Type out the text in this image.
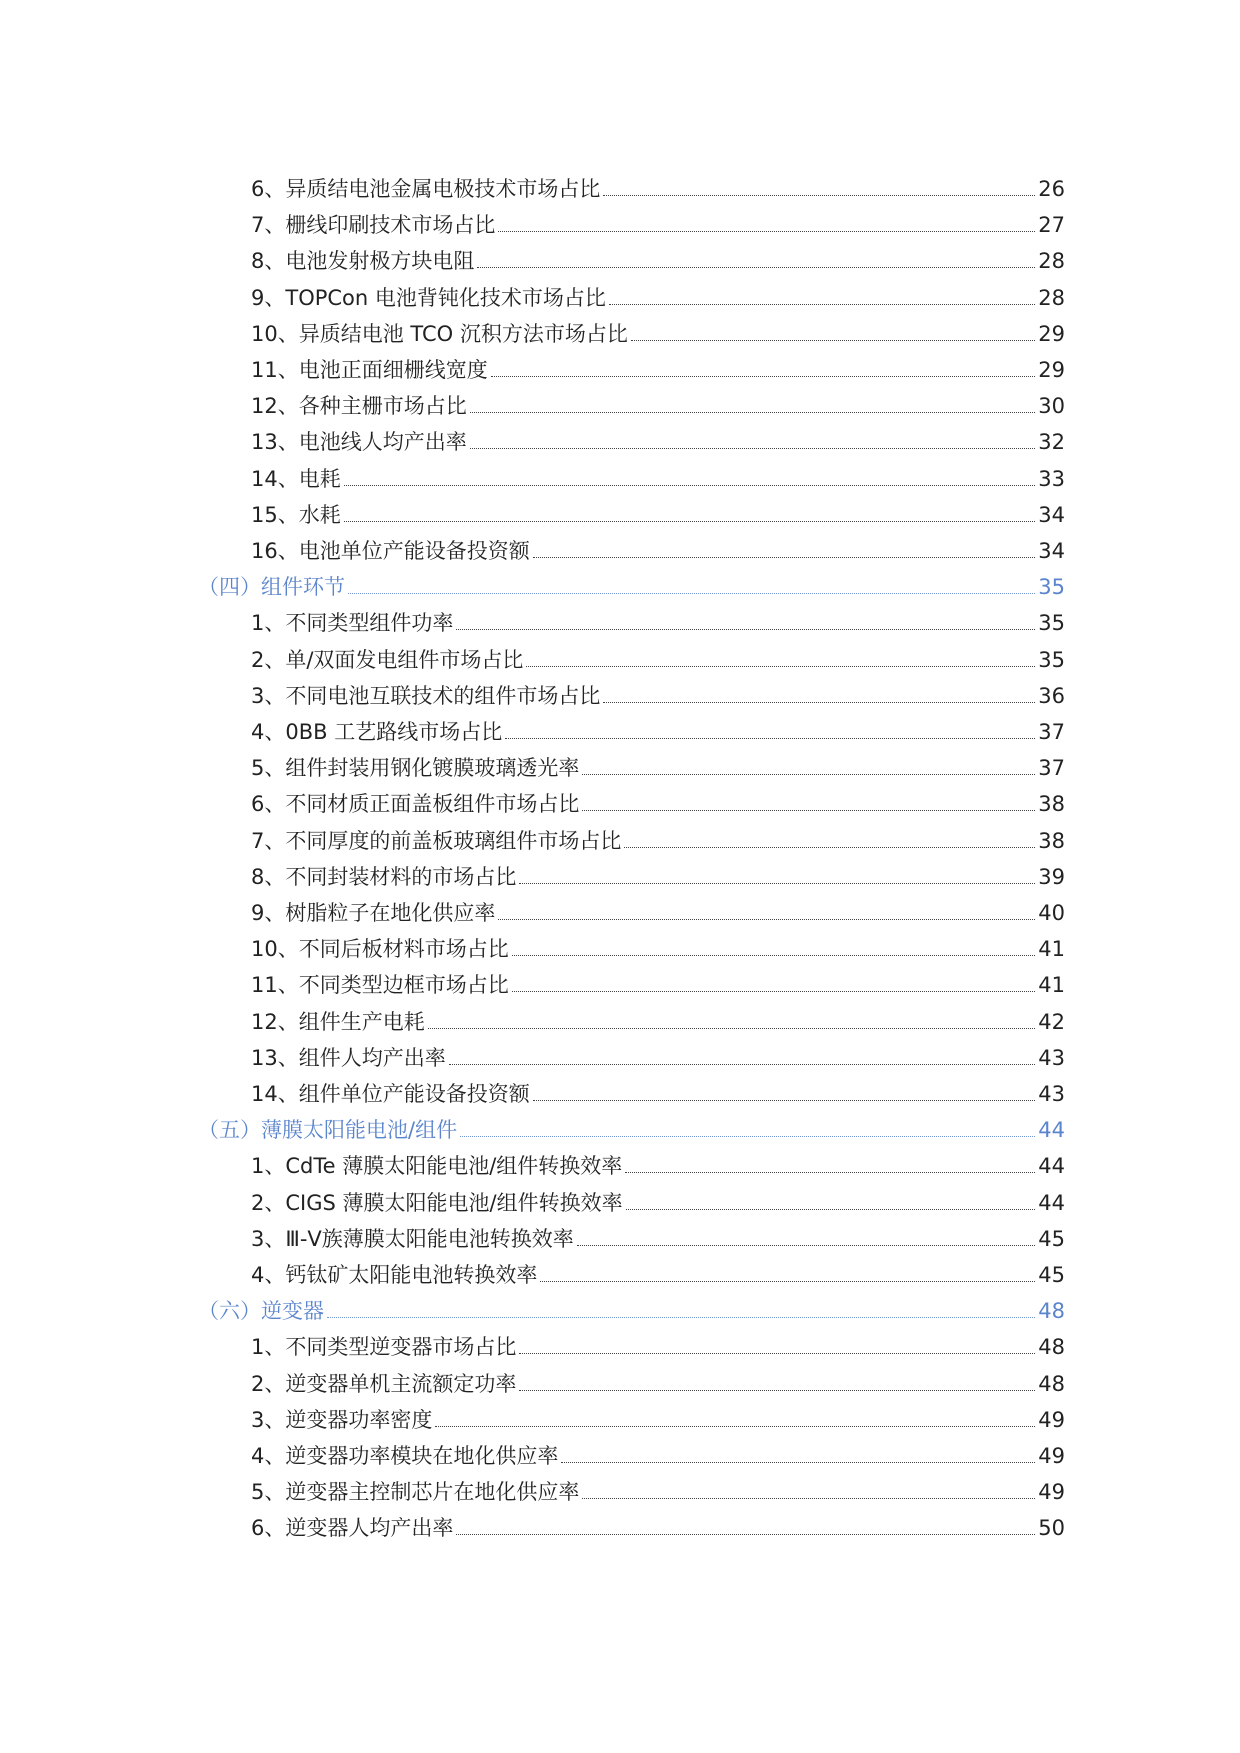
6、异质结电池金属电极技术市场占比	26
7、栅线印刷技术市场占比	27
8、电池发射极方块电阻	28
9、TOPCon 电池背钝化技术市场占比	28
10、异质结电池 TCO 沉积方法市场占比	29
11、电池正面细栅线宽度	29
12、各种主栅市场占比	30
13、电池线人均产出率	32
14、电耗	33
15、水耗	34
16、电池单位产能设备投资额	34
（四）组件环节	35
1、不同类型组件功率	35
2、单/双面发电组件市场占比	35
3、不同电池互联技术的组件市场占比	36
4、0BB 工艺路线市场占比	37
5、组件封装用钢化镀膜玻璃透光率	37
6、不同材质正面盖板组件市场占比	38
7、不同厚度的前盖板玻璃组件市场占比	38
8、不同封装材料的市场占比	39
9、树脂粒子在地化供应率	40
10、不同后板材料市场占比	41
11、不同类型边框市场占比	41
12、组件生产电耗	42
13、组件人均产出率	43
14、组件单位产能设备投资额	43
（五）薄膜太阳能电池/组件	44
1、CdTe 薄膜太阳能电池/组件转换效率	44
2、CIGS 薄膜太阳能电池/组件转换效率	44
3、Ⅲ-Ⅴ族薄膜太阳能电池转换效率	45
4、钙钛矿太阳能电池转换效率	45
（六）逆变器	48
1、不同类型逆变器市场占比	48
2、逆变器单机主流额定功率	48
3、逆变器功率密度	49
4、逆变器功率模块在地化供应率	49
5、逆变器主控制芯片在地化供应率	49
6、逆变器人均产出率	50
